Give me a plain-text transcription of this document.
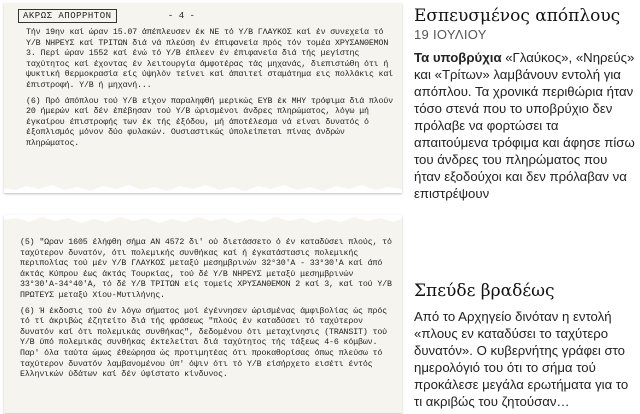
ΑΚΡΩΣ ΑΠΟΡΡΗΤΟΝ	- 4 -

Τήν 19ην καί ώραν 15.07 άπέπλευσεν έκ ΝΕ τό Υ/Β ΓΛΑΥΚΟΣ καί έν συνεχεία τό Υ/Β ΝΗΡΕΥΣ καί ΤΡΙΤΩΝ διά νά πλεύση έν έπιφανεία πρός τόν τομέα ΧΡΥΣΑΝΘΕΜΟΝ 3. Περί ώραν 1552 καί ένώ τό Υ/Β έπλεεν έν έπιφανεία διά τής μεγίστης ταχύτητος καί έχοντας έν λειτουργία άμφοτέρας τάς μηχανάς, διεπιστώθη ότι ή ψυκτική θερμοκρασία είς ύψηλόν τείνει καί άπαιτεί σταμάτημα εις πολλάκις καί έπιστροφή. Υ/Β ή μηχανή...

(6) Πρό άπόπλου τού Υ/Β είχον παραληφθή μερικώς ΕΥΒ έκ ΜΗΥ τρόφιμα διά πλούν 20 ήμερών καί δέν έπέβησαν τού Υ/Β ώρισμένοι άνδρες πληρώματος, λόγω μή έγκαίρου έπιστροφής των έκ τής έξόδου, μή άποτέλεσμα νά είναι δυνατός ό έξοπλισμός μόνον δύο φυλακών. Ουσιαστικώς ύπολείπεται πίνας άνδρών πληρώματος.

(5) "Ωραν 1605 έλήφθη σήμα ΑΝ 4572 δι' ού διετάσσετο ό έν καταδύσει πλούς, τό ταχύτερον δυνατόν, ότι πολεμικής συνθήκας καί ή έγκατάστασις πολεμικής περιπολίας τού μέν Υ/Β ΓΛΑΥΚΟΣ μεταξύ μεσημβρινών 32°30'Α - 33°30'Α καί άπό άκτάς Κύπρου έως άκτάς Τουρκίας, τού δέ Υ/Β ΝΗΡΕΥΣ μεταξύ μεσημβρινών 33°30'Α-34°40'Α, τό δέ Υ/Β ΤΡΙΤΩΝ είς τομείς ΧΡΥΣΑΝΘΕΜΟΝ 2 καί 3, καί τού Υ/Β ΠΡΩΤΕΥΣ μεταξύ Χίου-Μυτιλήνης.

(6) Ή έκδοσις τού έν λόγω σήματος μοί έγέννησεν ώρισμένας άμφιβολίας ώς πρός τό τί άκριβώς έζητείτο διά τής φράσεως "πλούς έν καταδύσει τό ταχύτερον δυνατόν καί ότι πολεμικάς συνθήκας", δεδομένου ότι μεταχίνησις (TRANSIT) τού Υ/Β ύπό πολεμικάς συνθήκας έκτελείται διά ταχύτητος τής τάξεως 4-6 κόμβων. Παρ' όλα ταύτα ώμως έθεώρησα ώς προτιμητέας ότι προκαθορίσας όπως πλεύσω τό ταχύτερον δυνατόν λαμβανομένου ύπ' όψιν ότι τό Υ/Β είσήρχετο εισέτι έντός Ελληνικών ύδάτων καί δέν ύφίστατο κίνδυνος.

Εσπευσμένος απόπλους
19 ΙΟΥΛΙΟΥ
Τα υποβρύχια «Γλαύκος», «Νηρεύς» και «Τρίτων» λαμβάνουν εντολή για απόπλου. Τα χρονικά περιθώρια ήταν τόσο στενά που το υποβρύχιο δεν πρόλαβε να φορτώσει τα απαιτούμενα τρόφιμα και άφησε πίσω του άνδρες του πληρώματος που ήταν εξοδούχοι και δεν πρόλαβαν να επιστρέψουν
Σπεύδε βραδέως
Από το Αρχηγείο δινόταν η εντολή «πλους εν καταδύσει το ταχύτερο δυνατόν». Ο κυβερνήτης γράφει στο ημερολόγιό του ότι το σήμα τού προκάλεσε μεγάλα ερωτήματα για το τι ακριβώς του ζητούσαν…
